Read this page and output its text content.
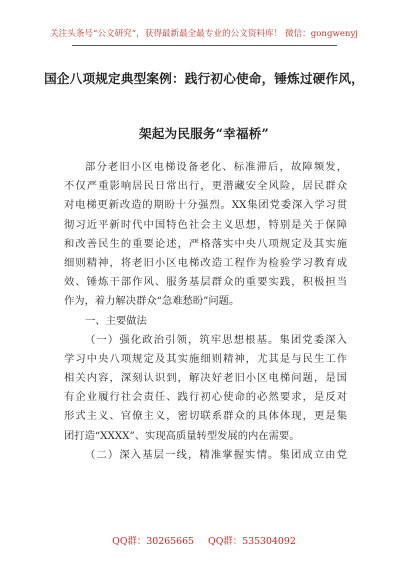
关注头条号“公文研究”，获得最新最全最专业的公文资料库！ 微信：gongwenyj
国企八项规定典型案例：践行初心使命，锤炼过硬作风，
架起为民服务“幸福桥”
部分老旧小区电梯设备老化、标准滞后，故障频发，
不仅严重影响居民日常出行，更潜藏安全风险，居民群众
对电梯更新改造的期盼十分强烈。XX集团党委深入学习贯
彻习近平新时代中国特色社会主义思想，特别是关于保障
和改善民生的重要论述，严格落实中央八项规定及其实施
细则精神，将老旧小区电梯改造工程作为检验学习教育成
效、锤炼干部作风、服务基层群众的重要实践，积极担当
作为，着力解决群众“急难愁盼”问题。
一、主要做法
（一）强化政治引领，筑牢思想根基。集团党委深入
学习中央八项规定及其实施细则精神，尤其是与民生工作
相关内容，深刻认识到，解决好老旧小区电梯问题，是国
有企业履行社会责任、践行初心使命的必然要求，是反对
形式主义、官僚主义，密切联系群众的具体体现，更是集
团打造“XXXX”、实现高质量转型发展的内在需要。
（二）深入基层一线，精准掌握实情。集团成立由党
QQ群：30265665 QQ群：535304092
